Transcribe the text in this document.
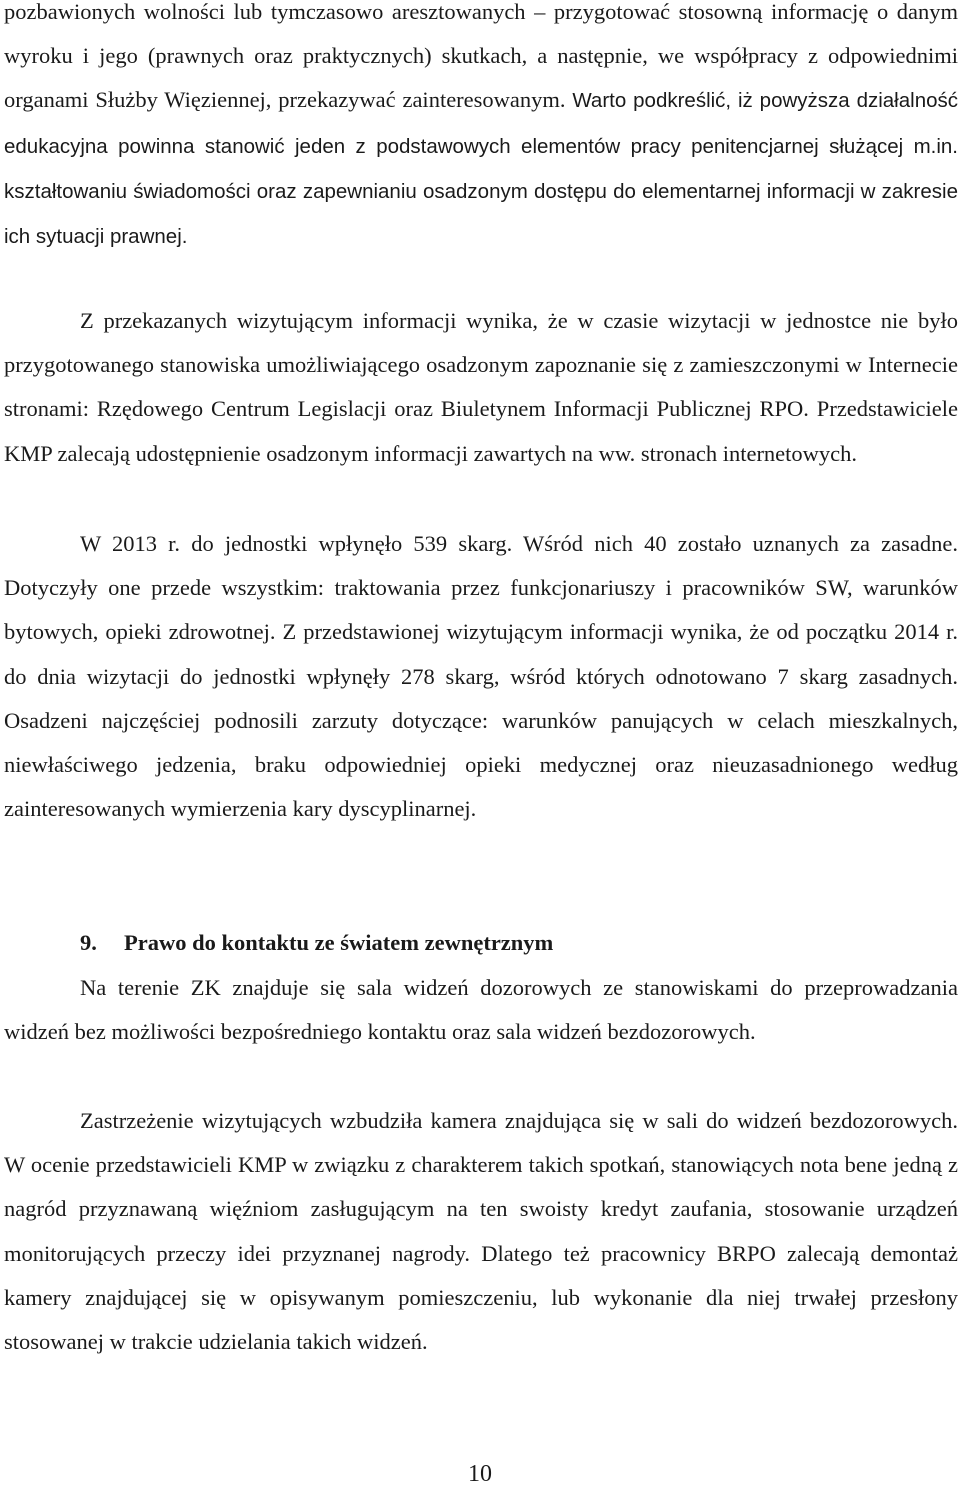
pozbawionych wolności lub tymczasowo aresztowanych – przygotować stosowną informację o danym wyroku i jego (prawnych oraz praktycznych) skutkach, a następnie, we współpracy z odpowiednimi organami Służby Więziennej, przekazywać zainteresowanym. Warto podkreślić, iż powyższa działalność edukacyjna powinna stanowić jeden z podstawowych elementów pracy penitencjarnej służącej m.in. kształtowaniu świadomości oraz zapewnianiu osadzonym dostępu do elementarnej informacji w zakresie ich sytuacji prawnej.

Z przekazanych wizytującym informacji wynika, że w czasie wizytacji w jednostce nie było przygotowanego stanowiska umożliwiającego osadzonym zapoznanie się z zamieszczonymi w Internecie stronami: Rzędowego Centrum Legislacji oraz Biuletynem Informacji Publicznej RPO. Przedstawiciele KMP zalecają udostępnienie osadzonym informacji zawartych na ww. stronach internetowych.

W 2013 r. do jednostki wpłynęło 539 skarg. Wśród nich 40 zostało uznanych za zasadne. Dotyczyły one przede wszystkim: traktowania przez funkcjonariuszy i pracowników SW, warunków bytowych, opieki zdrowotnej. Z przedstawionej wizytującym informacji wynika, że od początku 2014 r. do dnia wizytacji do jednostki wpłynęły 278 skarg, wśród których odnotowano 7 skarg zasadnych. Osadzeni najczęściej podnosili zarzuty dotyczące: warunków panujących w celach mieszkalnych, niewłaściwego jedzenia, braku odpowiedniej opieki medycznej oraz nieuzasadnionego według zainteresowanych wymierzenia kary dyscyplinarnej.

9. Prawo do kontaktu ze światem zewnętrznym

Na terenie ZK znajduje się sala widzeń dozorowych ze stanowiskami do przeprowadzania widzeń bez możliwości bezpośredniego kontaktu oraz sala widzeń bezdozorowych.

Zastrzeżenie wizytujących wzbudziła kamera znajdująca się w sali do widzeń bezdozorowych. W ocenie przedstawicieli KMP w związku z charakterem takich spotkań, stanowiących nota bene jedną z nagród przyznawaną więźniom zasługującym na ten swoisty kredyt zaufania, stosowanie urządzeń monitorujących przeczy idei przyznanej nagrody. Dlatego też pracownicy BRPO zalecają demontaż kamery znajdującej się w opisywanym pomieszczeniu, lub wykonanie dla niej trwałej przesłony stosowanej w trakcie udzielania takich widzeń.

10
